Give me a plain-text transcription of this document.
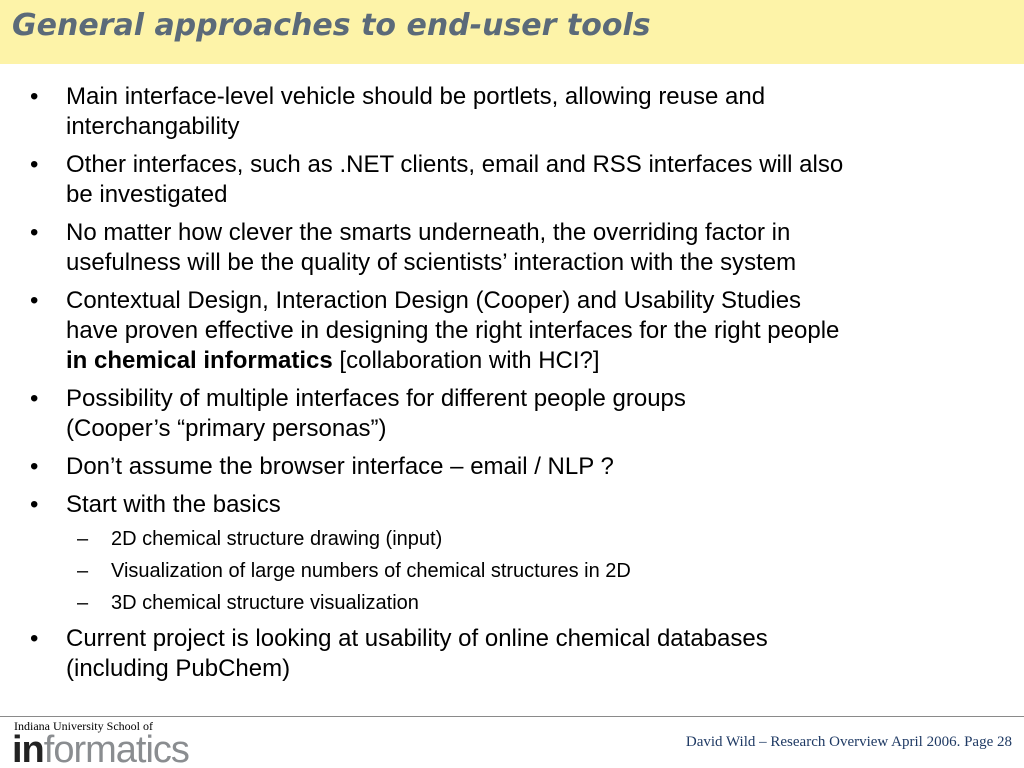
General approaches to end-user tools
• Main interface-level vehicle should be portlets, allowing reuse and
interchangability
• Other interfaces, such as .NET clients, email and RSS interfaces will also
be investigated
• No matter how clever the smarts underneath, the overriding factor in
usefulness will be the quality of scientists’ interaction with the system
• Contextual Design, Interaction Design (Cooper) and Usability Studies
have proven effective in designing the right interfaces for the right people
in chemical informatics [collaboration with HCI?]
• Possibility of multiple interfaces for different people groups
(Cooper’s “primary personas”)
• Don’t assume the browser interface – email / NLP ?
• Start with the basics
– 2D chemical structure drawing (input)
– Visualization of large numbers of chemical structures in 2D
– 3D chemical structure visualization
• Current project is looking at usability of online chemical databases
(including PubChem)
Indiana University School of
informatics	David Wild – Research Overview April 2006. Page 28
